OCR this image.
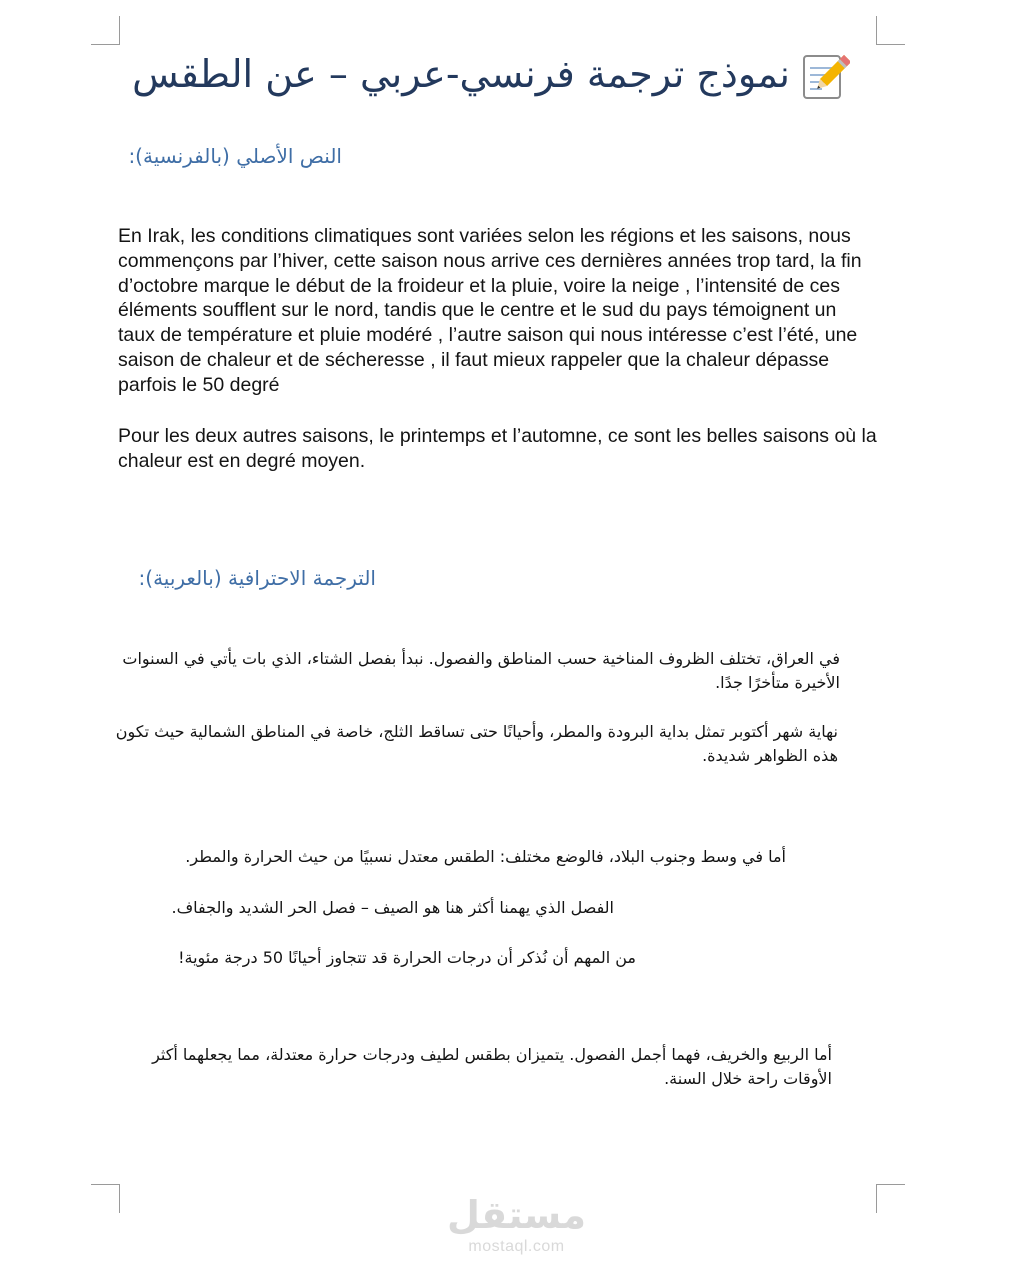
نموذج ترجمة فرنسي-عربي – عن الطقس
النص الأصلي (بالفرنسية):

En Irak, les conditions climatiques sont variées selon les régions et les saisons, nous commençons par l’hiver, cette saison nous arrive ces dernières années trop tard, la fin d’octobre marque le début de la froideur et la pluie, voire la neige , l’intensité de ces éléments soufflent sur le nord, tandis que le centre et le sud du pays témoignent un taux de température et pluie modéré , l’autre saison qui nous intéresse c’est l’été, une saison de chaleur et de sécheresse , il faut mieux rappeler que la chaleur dépasse parfois le 50 degré

Pour les deux autres saisons, le printemps et l’automne, ce sont les belles saisons où la chaleur est en degré moyen.

الترجمة الاحترافية (بالعربية):

في العراق، تختلف الظروف المناخية حسب المناطق والفصول. نبدأ بفصل الشتاء، الذي بات يأتي في السنوات الأخيرة متأخرًا جدًا.

نهاية شهر أكتوبر تمثل بداية البرودة والمطر، وأحيانًا حتى تساقط الثلج، خاصة في المناطق الشمالية حيث تكون هذه الظواهر شديدة.

أما في وسط وجنوب البلاد، فالوضع مختلف: الطقس معتدل نسبيًا من حيث الحرارة والمطر.

الفصل الذي يهمنا أكثر هنا هو الصيف – فصل الحر الشديد والجفاف.

من المهم أن نُذكر أن درجات الحرارة قد تتجاوز أحيانًا 50 درجة مئوية!

أما الربيع والخريف، فهما أجمل الفصول. يتميزان بطقس لطيف ودرجات حرارة معتدلة، مما يجعلهما أكثر الأوقات راحة خلال السنة.

مستقل
mostaql.com
